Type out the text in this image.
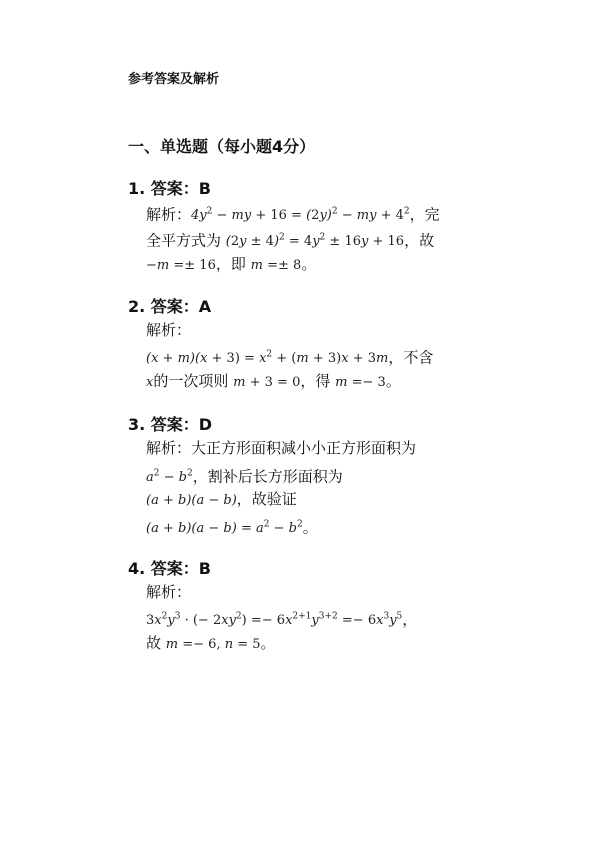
参考答案及解析
一、单选题（每小题4分）
1. 答案：B
解析：$4y^2$ − my + $16 = (2y)^2$ − my + $4^2$，完
全平方式为 $(2y \pm 4)^2 = 4y^2 \pm 16y + 16$，故
−m =± 16，即 m =± 8。
2. 答案：A
解析：
$(x + m)(x + 3) = x^2 + (m + 3)x + 3m$，不含
x的一次项则 m + 3 = 0，得 m =− 3。
3. 答案：D
解析：大正方形面积减小小正方形面积为
$a^2 - b^2$，割补后长方形面积为
(a + b)(a − b)，故验证
$(a + b)(a - b) = a^2 - b^2$。
4. 答案：B
解析：
$3x^2y^3$ · (− $2xy^2) =- 6x^{2+1}y^{3+2} =- 6x^3y^5$，
故 m =− 6, n = 5。
